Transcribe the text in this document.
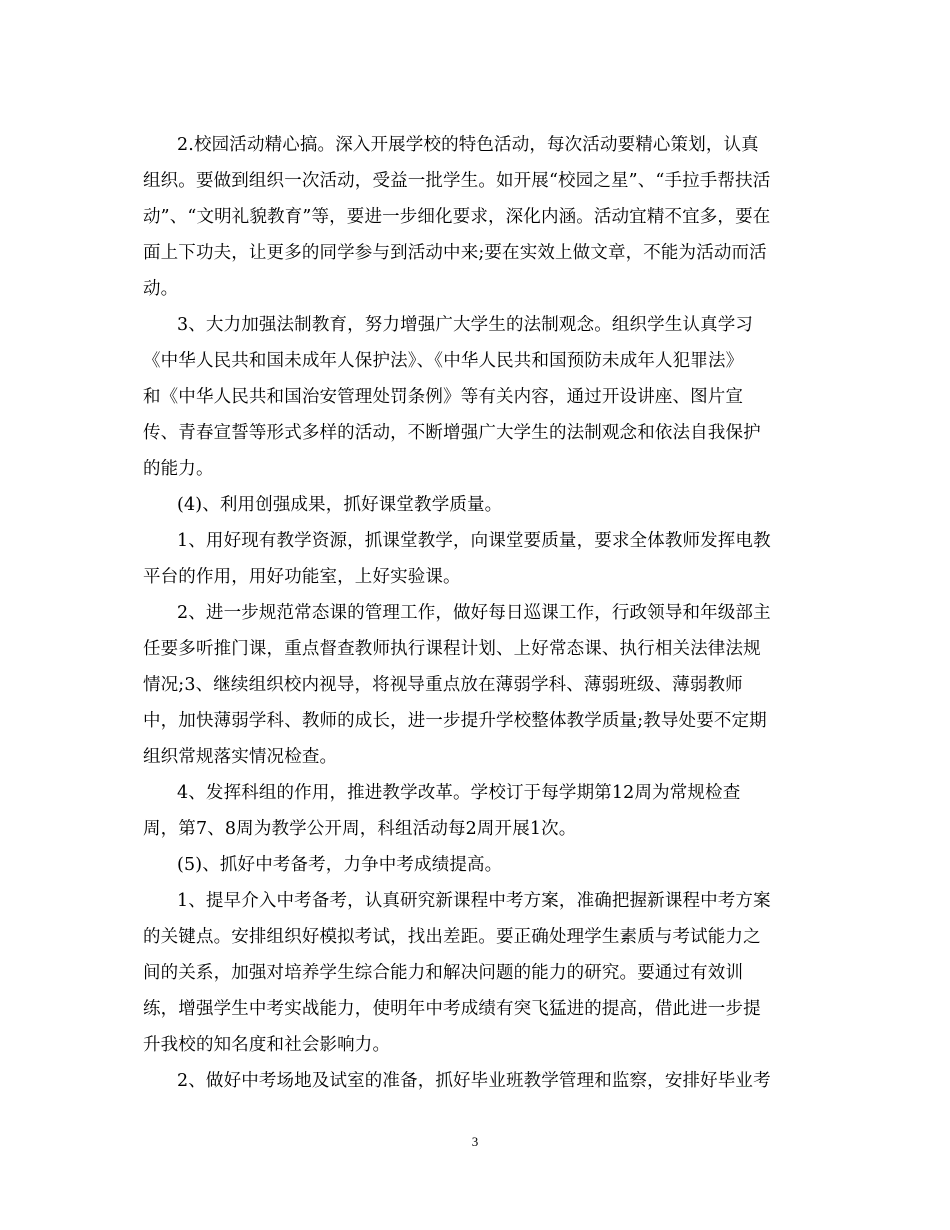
2.校园活动精心搞。深入开展学校的特色活动，每次活动要精心策划，认真
组织。要做到组织一次活动，受益一批学生。如开展“校园之星”、“手拉手帮扶活
动”、“文明礼貌教育”等，要进一步细化要求，深化内涵。活动宜精不宜多，要在
面上下功夫，让更多的同学参与到活动中来;要在实效上做文章，不能为活动而活
动。
3、大力加强法制教育，努力增强广大学生的法制观念。组织学生认真学习
《中华人民共和国未成年人保护法》、《中华人民共和国预防未成年人犯罪法》
和《中华人民共和国治安管理处罚条例》等有关内容，通过开设讲座、图片宣
传、青春宣誓等形式多样的活动，不断增强广大学生的法制观念和依法自我保护
的能力。
(4)、利用创强成果，抓好课堂教学质量。
1、用好现有教学资源，抓课堂教学，向课堂要质量，要求全体教师发挥电教
平台的作用，用好功能室，上好实验课。
2、进一步规范常态课的管理工作，做好每日巡课工作，行政领导和年级部主
任要多听推门课，重点督查教师执行课程计划、上好常态课、执行相关法律法规
情况;3、继续组织校内视导，将视导重点放在薄弱学科、薄弱班级、薄弱教师
中，加快薄弱学科、教师的成长，进一步提升学校整体教学质量;教导处要不定期
组织常规落实情况检查。
4、发挥科组的作用，推进教学改革。学校订于每学期第12周为常规检查
周，第7、8周为教学公开周，科组活动每2周开展1次。
(5)、抓好中考备考，力争中考成绩提高。
1、提早介入中考备考，认真研究新课程中考方案，准确把握新课程中考方案
的关键点。安排组织好模拟考试，找出差距。要正确处理学生素质与考试能力之
间的关系，加强对培养学生综合能力和解决问题的能力的研究。要通过有效训
练，增强学生中考实战能力，使明年中考成绩有突飞猛进的提高，借此进一步提
升我校的知名度和社会影响力。
2、做好中考场地及试室的准备，抓好毕业班教学管理和监察，安排好毕业考
3
